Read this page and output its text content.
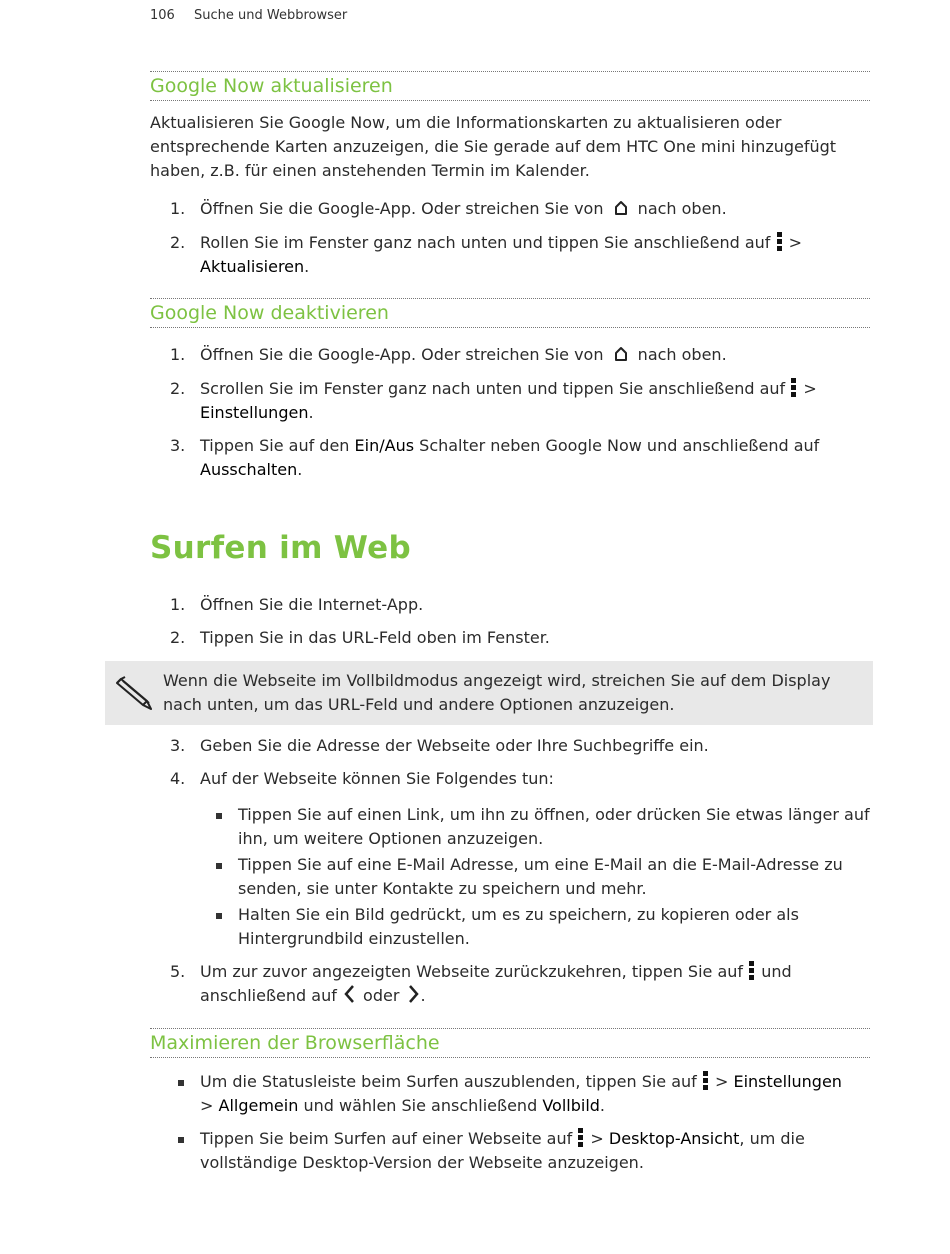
106 Suche und Webbrowser
Google Now aktualisieren

Aktualisieren Sie Google Now, um die Informationskarten zu aktualisieren oder entsprechende Karten anzuzeigen, die Sie gerade auf dem HTC One mini hinzugefügt haben, z.B. für einen anstehenden Termin im Kalender.

1. Öffnen Sie die Google-App. Oder streichen Sie von nach oben.
2. Rollen Sie im Fenster ganz nach unten und tippen Sie anschließend auf >
Aktualisieren.
Google Now deaktivieren
1. Öffnen Sie die Google-App. Oder streichen Sie von nach oben.
2. Scrollen Sie im Fenster ganz nach unten und tippen Sie anschließend auf >
Einstellungen.
3. Tippen Sie auf den Ein/Aus Schalter neben Google Now und anschließend auf
Ausschalten.
Surfen im Web
1. Öffnen Sie die Internet-App.
2. Tippen Sie in das URL-Feld oben im Fenster.
Wenn die Webseite im Vollbildmodus angezeigt wird, streichen Sie auf dem Display nach unten, um das URL-Feld und andere Optionen anzuzeigen.
3. Geben Sie die Adresse der Webseite oder Ihre Suchbegriffe ein.
4. Auf der Webseite können Sie Folgendes tun:
Tippen Sie auf einen Link, um ihn zu öffnen, oder drücken Sie etwas länger auf ihn, um weitere Optionen anzuzeigen.
Tippen Sie auf eine E-Mail Adresse, um eine E-Mail an die E-Mail-Adresse zu senden, sie unter Kontakte zu speichern und mehr.
Halten Sie ein Bild gedrückt, um es zu speichern, zu kopieren oder als Hintergrundbild einzustellen.
5. Um zur zuvor angezeigten Webseite zurückzukehren, tippen Sie auf und
anschließend auf oder .
Maximieren der Browserfläche
Um die Statusleiste beim Surfen auszublenden, tippen Sie auf > Einstellungen
> Allgemein und wählen Sie anschließend Vollbild.
Tippen Sie beim Surfen auf einer Webseite auf > Desktop-Ansicht, um die
vollständige Desktop-Version der Webseite anzuzeigen.
